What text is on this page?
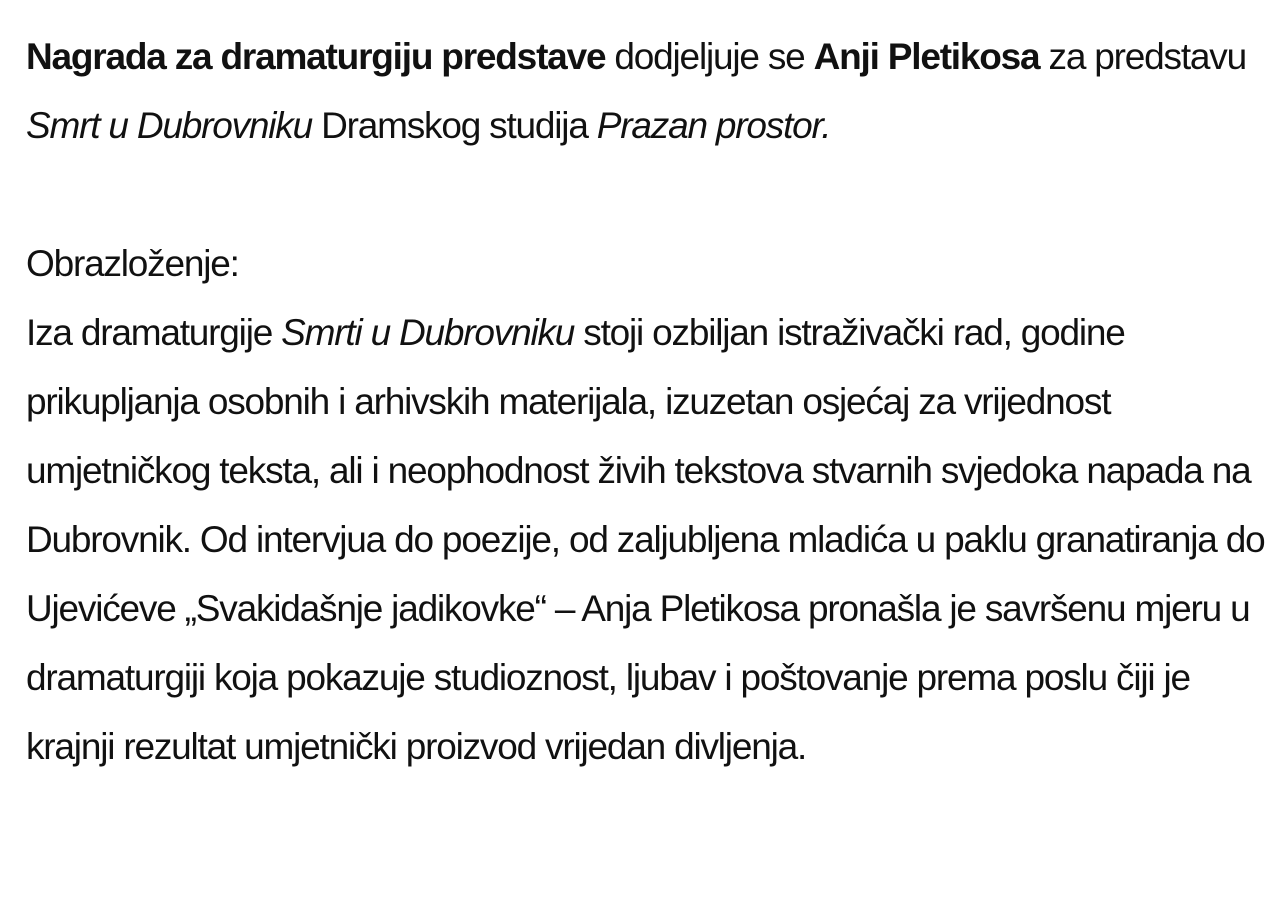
Nagrada za dramaturgiju predstave dodjeljuje se Anji Pletikosa za predstavu Smrt u Dubrovniku Dramskog studija Prazan prostor.

Obrazloženje:

Iza dramaturgije Smrti u Dubrovniku stoji ozbiljan istraživački rad, godine prikupljanja osobnih i arhivskih materijala, izuzetan osjećaj za vrijednost umjetničkog teksta, ali i neophodnost živih tekstova stvarnih svjedoka napada na Dubrovnik. Od intervjua do poezije, od zaljubljena mladića u paklu granatiranja do Ujevićeve „Svakidašnje jadikovke“ – Anja Pletikosa pronašla je savršenu mjeru u dramaturgiji koja pokazuje studioznost, ljubav i poštovanje prema poslu čiji je krajnji rezultat umjetnički proizvod vrijedan divljenja.
